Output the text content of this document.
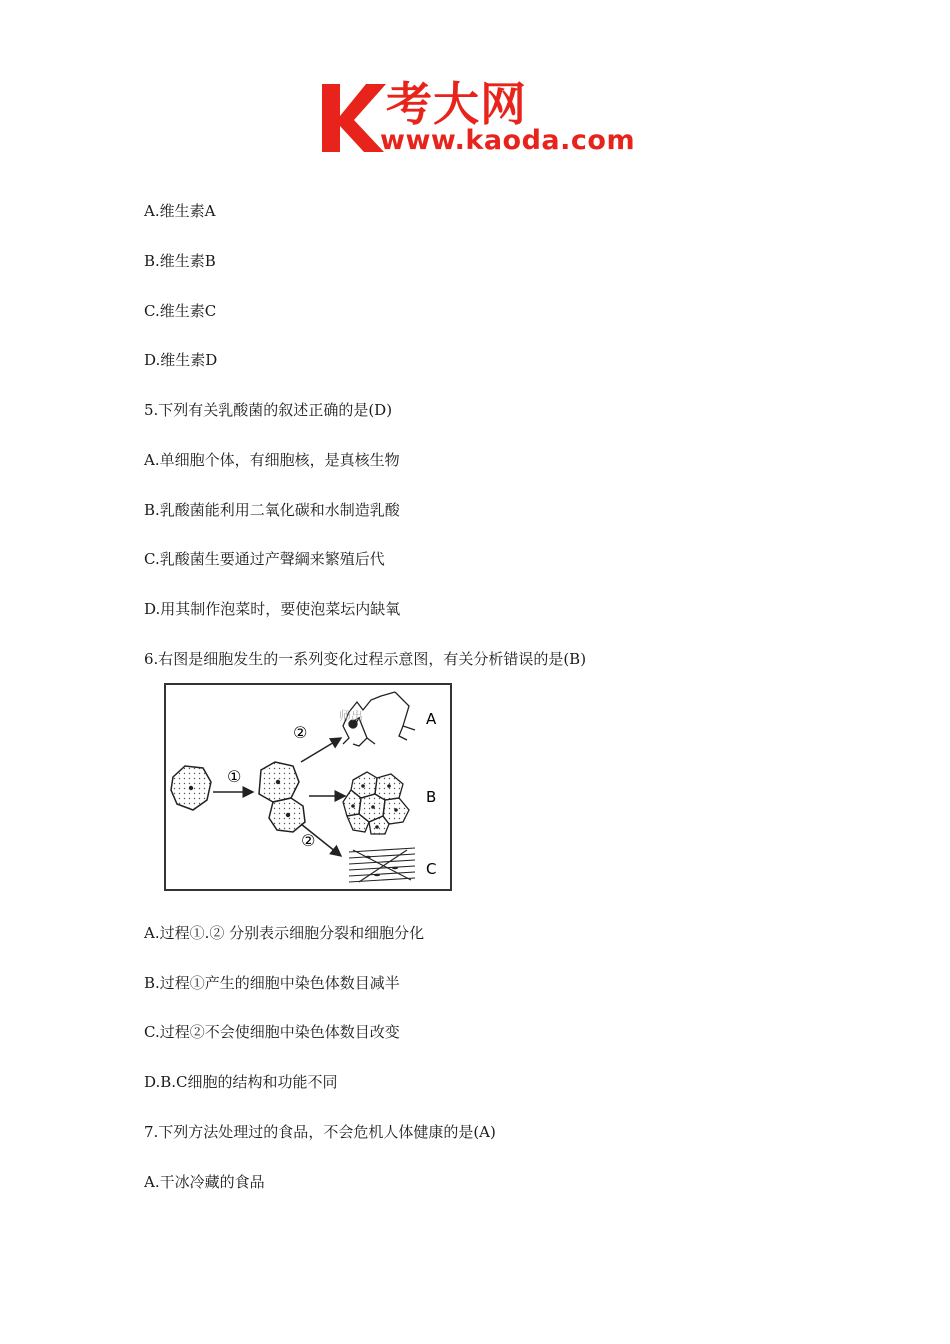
考大网
www.kaoda.com
A.维生素A
B.维生素B
C.维生素C
D.维生素D
5.下列有关乳酸菌的叙述正确的是(D)
A.单细胞个体，有细胞核，是真核生物
B.乳酸菌能利用二氧化碳和水制造乳酸
C.乳酸菌生要通过产聲綱来繁殖后代
D.用其制作泡菜时，要使泡菜坛内缺氧
6.右图是细胞发生的一系列变化过程示意图，有关分析错误的是(B)
①
②
②
师出	A
B
C
A.过程①.② 分别表示细胞分裂和细胞分化
B.过程①产生的细胞中染色体数目减半
C.过程②不会使细胞中染色体数目改变
D.B.C细胞的结构和功能不同
7.下列方法处理过的食品，不会危机人体健康的是(A)
A.干冰冷藏的食品
